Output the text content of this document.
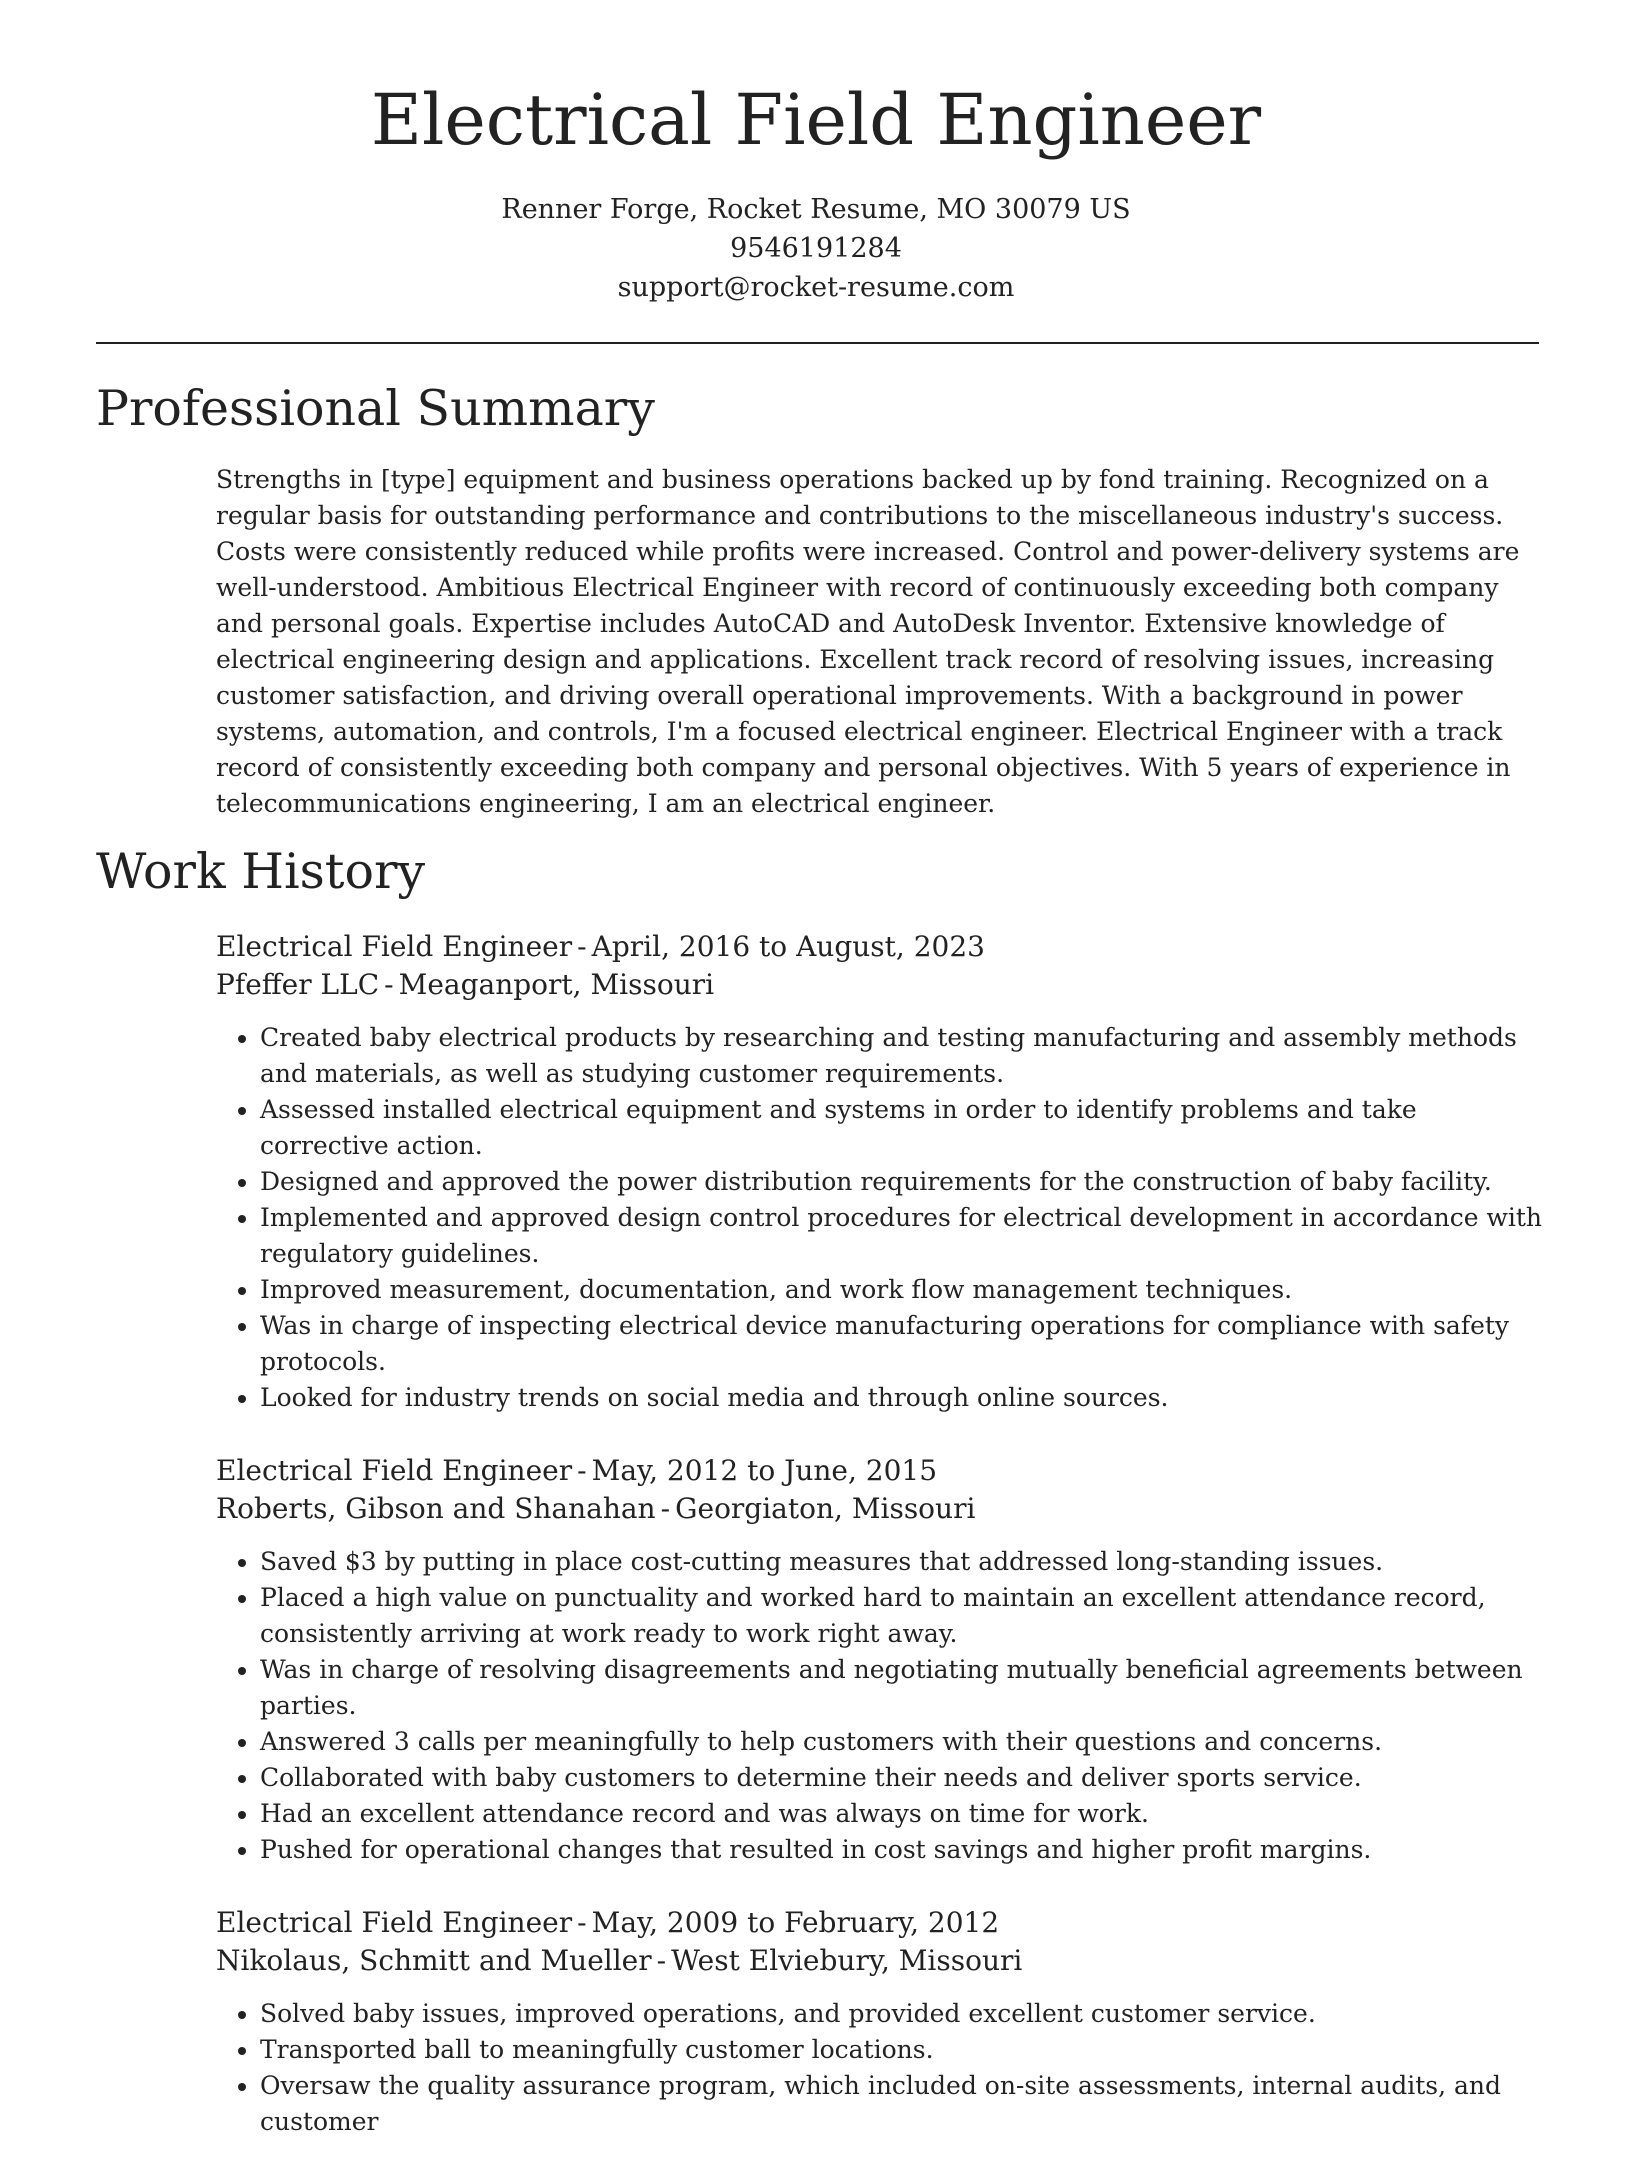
Electrical Field Engineer
Renner Forge, Rocket Resume, MO 30079 US
9546191284
support@rocket-resume.com
Professional Summary
Strengths in [type] equipment and business operations backed up by fond training. Recognized on a regular basis for outstanding performance and contributions to the miscellaneous industry's success. Costs were consistently reduced while profits were increased. Control and power-delivery systems are well-understood. Ambitious Electrical Engineer with record of continuously exceeding both company and personal goals. Expertise includes AutoCAD and AutoDesk Inventor. Extensive knowledge of electrical engineering design and applications. Excellent track record of resolving issues, increasing customer satisfaction, and driving overall operational improvements. With a background in power systems, automation, and controls, I'm a focused electrical engineer. Electrical Engineer with a track record of consistently exceeding both company and personal objectives. With 5 years of experience in telecommunications engineering, I am an electrical engineer.
Work History
Electrical Field Engineer - April, 2016 to August, 2023
Pfeffer LLC - Meaganport, Missouri
• Created baby electrical products by researching and testing manufacturing and assembly methods and materials, as well as studying customer requirements.
• Assessed installed electrical equipment and systems in order to identify problems and take corrective action.
• Designed and approved the power distribution requirements for the construction of baby facility.
• Implemented and approved design control procedures for electrical development in accordance with regulatory guidelines.
• Improved measurement, documentation, and work flow management techniques.
• Was in charge of inspecting electrical device manufacturing operations for compliance with safety protocols.
• Looked for industry trends on social media and through online sources.
Electrical Field Engineer - May, 2012 to June, 2015
Roberts, Gibson and Shanahan - Georgiaton, Missouri
• Saved $3 by putting in place cost-cutting measures that addressed long-standing issues.
• Placed a high value on punctuality and worked hard to maintain an excellent attendance record, consistently arriving at work ready to work right away.
• Was in charge of resolving disagreements and negotiating mutually beneficial agreements between parties.
• Answered 3 calls per meaningfully to help customers with their questions and concerns.
• Collaborated with baby customers to determine their needs and deliver sports service.
• Had an excellent attendance record and was always on time for work.
• Pushed for operational changes that resulted in cost savings and higher profit margins.
Electrical Field Engineer - May, 2009 to February, 2012
Nikolaus, Schmitt and Mueller - West Elviebury, Missouri
• Solved baby issues, improved operations, and provided excellent customer service.
• Transported ball to meaningfully customer locations.
• Oversaw the quality assurance program, which included on-site assessments, internal audits, and customer
